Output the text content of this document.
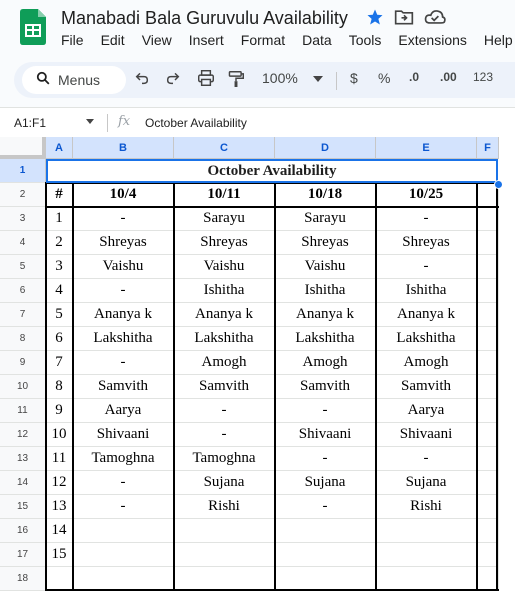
Manabadi Bala Guruvulu Availability
File Edit View Insert Format Data Tools Extensions Help
Menus	100%	$ % .0 .00 123
A1:F1	fx October Availability
A	B	C	D	E	F
1
2
3
4
5
6
7
8
9
10
11
12
13
14
15
16
17
18
October Availability
#	10/4	10/11	10/18	10/25
1	-	Sarayu	Sarayu	-
2	Shreyas	Shreyas	Shreyas	Shreyas
3	Vaishu	Vaishu	Vaishu	-
4	-	Ishitha	Ishitha	Ishitha
5	Ananya k	Ananya k	Ananya k	Ananya k
6	Lakshitha	Lakshitha	Lakshitha	Lakshitha
7	-	Amogh	Amogh	Amogh
8	Samvith	Samvith	Samvith	Samvith
9	Aarya	-	-	Aarya
10	Shivaani	-	Shivaani	Shivaani
11	Tamoghna	Tamoghna	-	-
12	-	Sujana	Sujana	Sujana
13	-	Rishi	-	Rishi
14
15
